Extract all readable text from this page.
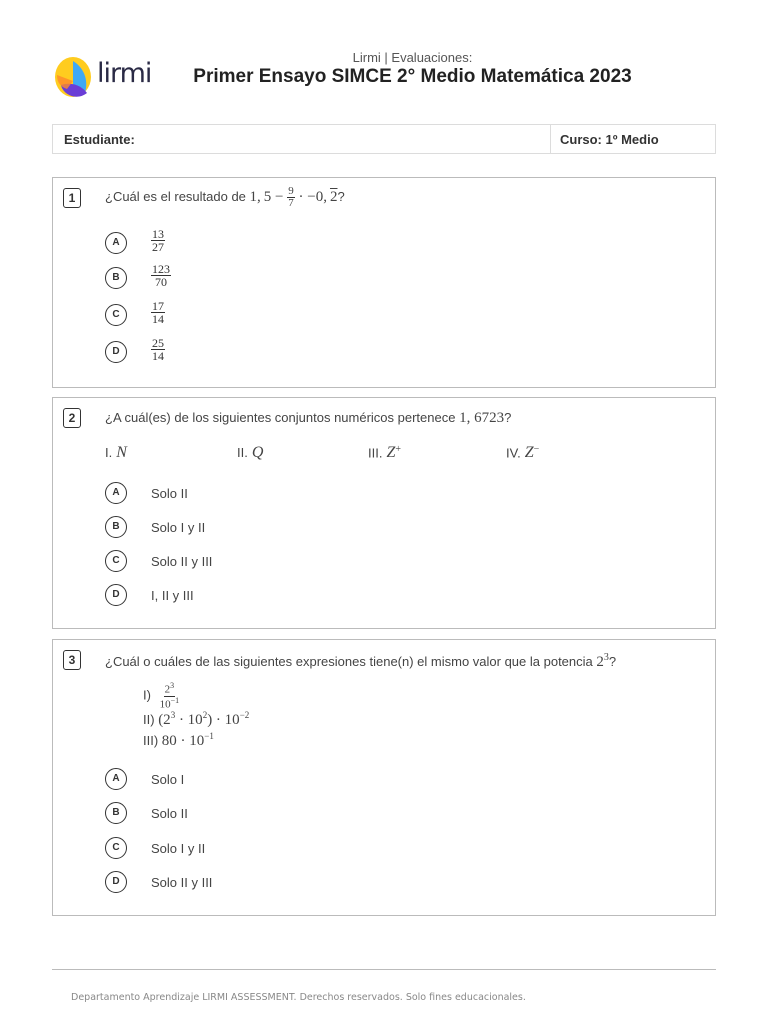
lirmi
Lirmi | Evaluaciones:
Primer Ensayo SIMCE 2° Medio Matemática 2023
Estudiante:	Curso: 1º Medio
1	¿Cuál es el resultado de 1, $5 - \frac{9}{7} \cdot -0$, 2?
A	$\frac{13}{27}$
B	$\frac{123}{70}$
C	$\frac{17}{14}$
D	$\frac{25}{14}$
2	¿A cuál(es) de los siguientes conjuntos numéricos pertenece 1, 6723?
I. N	II. Q	III. Z+	IV. Z−
A	Solo II
B	Solo I y II
C	Solo II y III
D	I, II y III
3	¿Cuál o cuáles de las siguientes expresiones tiene(n) el mismo valor que la potencia $2^3$?
$I) \frac{2^3}{10^{-1}}$
II) $(2^3 \cdot 10^2) \cdot 10^{-2}$
III) $80 \cdot 10^{-1}$
A	Solo I
B	Solo II
C	Solo I y II
D	Solo II y III
Departamento Aprendizaje LIRMI ASSESSMENT. Derechos reservados. Solo fines educacionales.
